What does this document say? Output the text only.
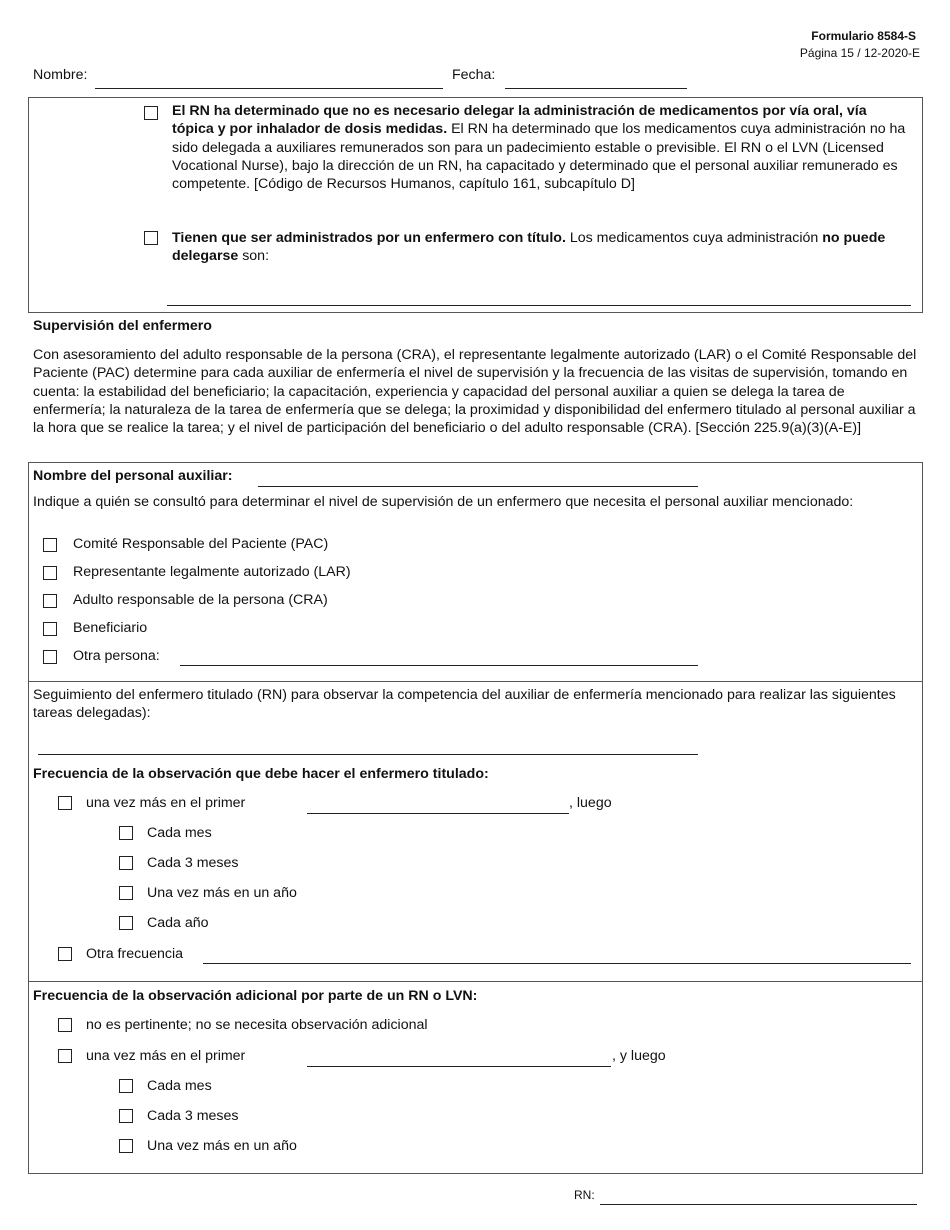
Formulario 8584-S
Página 15 / 12-2020-E
Nombre:	Fecha:
El RN ha determinado que no es necesario delegar la administración de medicamentos por vía oral, vía tópica y por inhalador de dosis medidas. El RN ha determinado que los medicamentos cuya administración no ha sido delegada a auxiliares remunerados son para un padecimiento estable o previsible. El RN o el LVN (Licensed Vocational Nurse), bajo la dirección de un RN, ha capacitado y determinado que el personal auxiliar remunerado es competente. [Código de Recursos Humanos, capítulo 161, subcapítulo D]
Tienen que ser administrados por un enfermero con título. Los medicamentos cuya administración no puede delegarse son:
Supervisión del enfermero
Con asesoramiento del adulto responsable de la persona (CRA), el representante legalmente autorizado (LAR) o el Comité Responsable del Paciente (PAC) determine para cada auxiliar de enfermería el nivel de supervisión y la frecuencia de las visitas de supervisión, tomando en cuenta: la estabilidad del beneficiario; la capacitación, experiencia y capacidad del personal auxiliar a quien se delega la tarea de enfermería; la naturaleza de la tarea de enfermería que se delega; la proximidad y disponibilidad del enfermero titulado al personal auxiliar a la hora que se realice la tarea; y el nivel de participación del beneficiario o del adulto responsable (CRA). [Sección 225.9(a)(3)(A-E)]
Nombre del personal auxiliar:
Indique a quién se consultó para determinar el nivel de supervisión de un enfermero que necesita el personal auxiliar mencionado:
Comité Responsable del Paciente (PAC)
Representante legalmente autorizado (LAR)
Adulto responsable de la persona (CRA)
Beneficiario
Otra persona:
Seguimiento del enfermero titulado (RN) para observar la competencia del auxiliar de enfermería mencionado para realizar las siguientes tareas delegadas):
Frecuencia de la observación que debe hacer el enfermero titulado:
una vez más en el primer	, luego
Cada mes
Cada 3 meses
Una vez más en un año
Cada año
Otra frecuencia
Frecuencia de la observación adicional por parte de un RN o LVN:
no es pertinente; no se necesita observación adicional
una vez más en el primer	, y luego
Cada mes
Cada 3 meses
Una vez más en un año
RN:
